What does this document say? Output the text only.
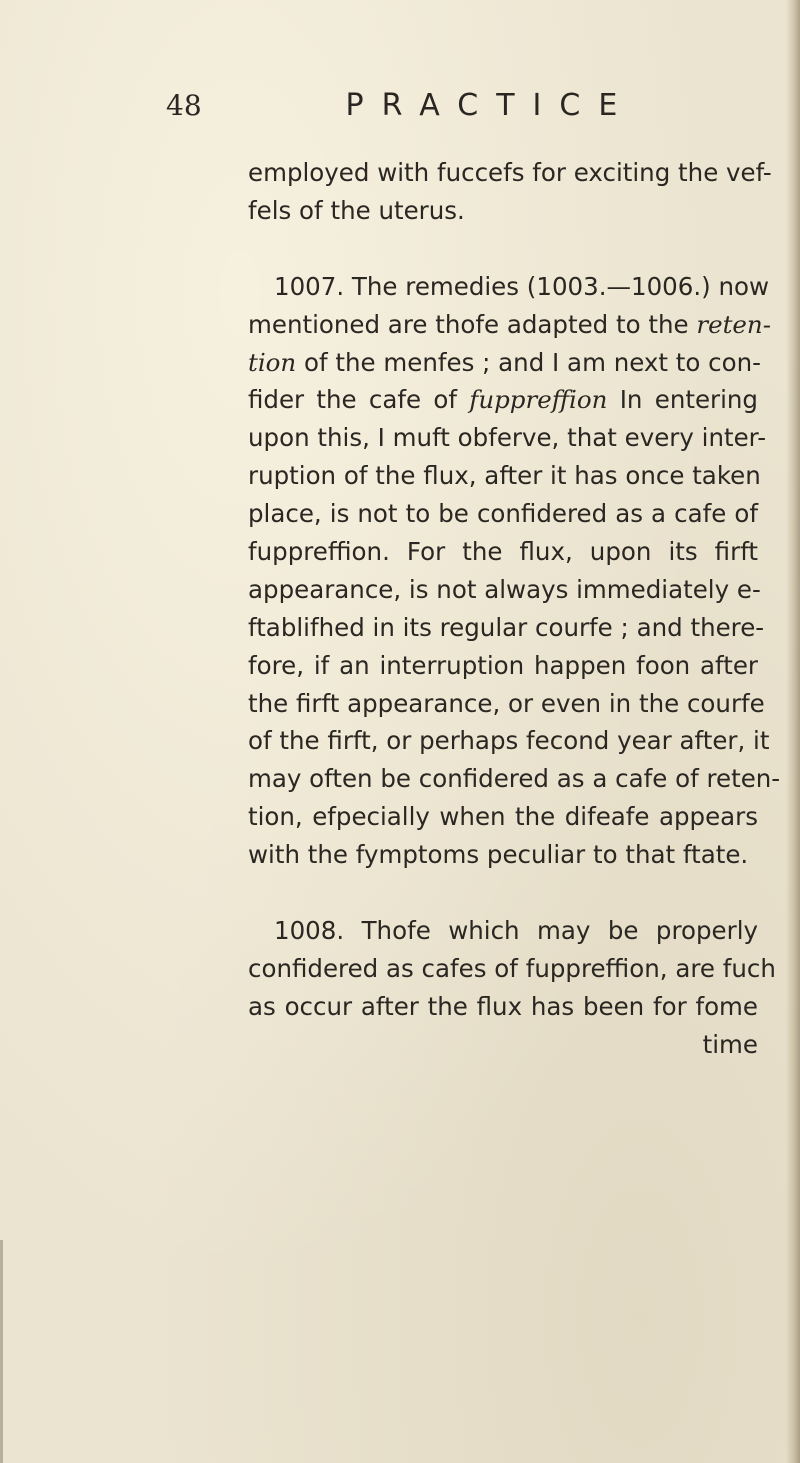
48	PRACTICE
employed with fuccefs for exciting the vef-
fels of the uterus.
1007. The remedies (1003.—1006.) now
mentioned are thofe adapted to the reten-
tion of the menfes ; and I am next to con-
fider the cafe of fuppreffion In entering
upon this, I muft obferve, that every inter-
ruption of the flux, after it has once taken
place, is not to be confidered as a cafe of
fuppreffion. For the flux, upon its firft
appearance, is not always immediately e-
ftablifhed in its regular courfe ; and there-
fore, if an interruption happen foon after
the firft appearance, or even in the courfe
of the firft, or perhaps fecond year after, it
may often be confidered as a cafe of reten-
tion, efpecially when the difeafe appears
with the fymptoms peculiar to that ftate.
1008. Thofe which may be properly
confidered as cafes of fuppreffion, are fuch
as occur after the flux has been for fome
time
